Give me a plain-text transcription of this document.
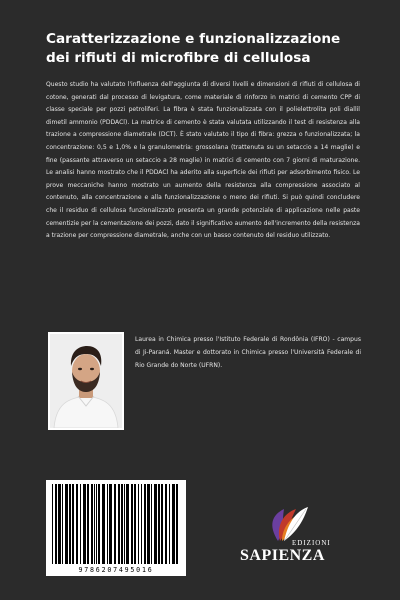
Caratterizzazione e funzionalizzazione dei rifiuti di microfibre di cellulosa

Questo studio ha valutato l'influenza dell'aggiunta di diversi livelli e dimensioni di rifiuti di cellulosa di cotone, generati dal processo di levigatura, come materiale di rinforzo in matrici di cemento CPP di classe speciale per pozzi petroliferi. La fibra è stata funzionalizzata con il polielettrolita poli diallil dimetil ammonio (PDDACl). La matrice di cemento è stata valutata utilizzando il test di resistenza alla trazione a compressione diametrale (DCT). È stato valutato il tipo di fibra: grezza o funzionalizzata; la concentrazione: 0,5 e 1,0% e la granulometria: grossolana (trattenuta su un setaccio a 14 maglie) e fine (passante attraverso un setaccio a 28 maglie) in matrici di cemento con 7 giorni di maturazione. Le analisi hanno mostrato che il PDDACl ha aderito alla superficie dei rifiuti per adsorbimento fisico. Le prove meccaniche hanno mostrato un aumento della resistenza alla compressione associato al contenuto, alla concentrazione e alla funzionalizzazione o meno dei rifiuti. Si può quindi concludere che il residuo di cellulosa funzionalizzato presenta un grande potenziale di applicazione nelle paste cementizie per la cementazione dei pozzi, dato il significativo aumento dell'incremento della resistenza a trazione per compressione diametrale, anche con un basso contenuto del residuo utilizzato.

Laurea in Chimica presso l'Istituto Federale di Rondônia (IFRO) - campus di Ji-Paraná. Master e dottorato in Chimica presso l'Università Federale di Rio Grande do Norte (UFRN).

9786207495016
EDIZIONI
SAPIENZA
